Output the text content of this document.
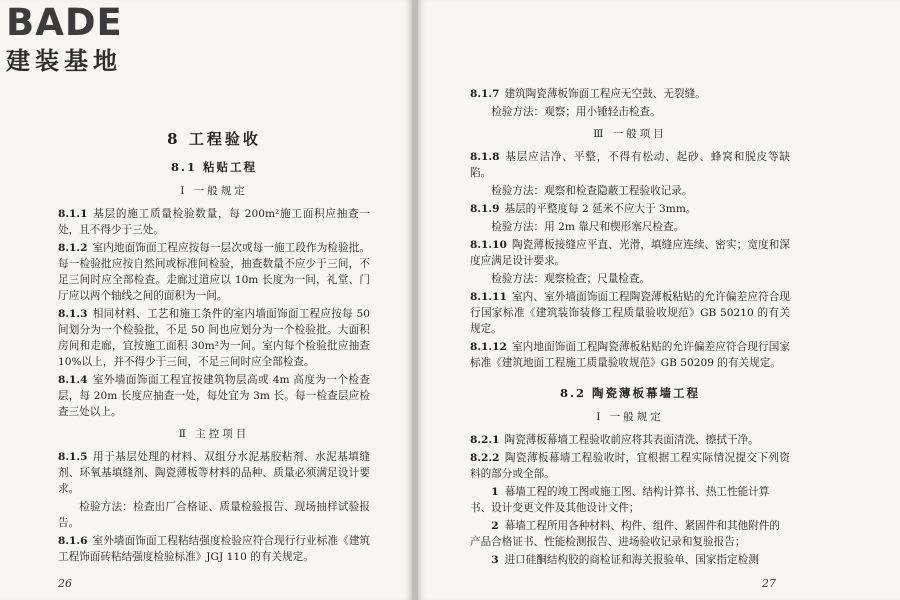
BADE

建装基地

8 工程验收
8.1 粘贴工程
Ⅰ 一般规定

8.1.1 基层的施工质量检验数量，每 200m²施工面积应抽查一处，且不得少于三处。

8.1.2 室内地面饰面工程应按每一层次或每一施工段作为检验批。每一检验批应按自然间或标准间检验，抽查数量不应少于三间，不足三间时应全部检查。走廊过道应以 10m 长度为一间，礼堂、门厅应以两个轴线之间的面积为一间。

8.1.3 相同材料、工艺和施工条件的室内墙面饰面工程应按每 50 间划分为一个检验批，不足 50 间也应划分为一个检验批。大面积房间和走廊，宜按施工面积 30m²为一间。室内每个检验批应抽查 10%以上，并不得少于三间，不足三间时应全部检查。

8.1.4 室外墙面饰面工程宜按建筑物层高或 4m 高度为一个检查层，每 20m 长度应抽查一处，每处宜为 3m 长。每一检查层应检查三处以上。

Ⅱ 主控项目

8.1.5 用于基层处理的材料、双组分水泥基胶粘剂、水泥基填缝剂、环氧基填缝剂、陶瓷薄板等材料的品种、质量必须满足设计要求。

检验方法：检查出厂合格证、质量检验报告、现场抽样试验报告。

8.1.6 室外墙面饰面工程粘结强度检验应符合现行行业标准《建筑工程饰面砖粘结强度检验标准》JGJ 110 的有关规定。

26

8.1.7 建筑陶瓷薄板饰面工程应无空鼓、无裂缝。

检验方法：观察；用小锤轻击检查。

Ⅲ 一般项目

8.1.8 基层应洁净、平整，不得有松动、起砂、蜂窝和脱皮等缺陷。

检验方法：观察和检查隐蔽工程验收记录。

8.1.9 基层的平整度每 2 延米不应大于 3mm。

检验方法：用 2m 靠尺和楔形塞尺检查。

8.1.10 陶瓷薄板接缝应平直、光滑，填缝应连续、密实；宽度和深度应满足设计要求。

检验方法：观察检查；尺量检查。

8.1.11 室内、室外墙面饰面工程陶瓷薄板粘贴的允许偏差应符合现行国家标准《建筑装饰装修工程质量验收规范》GB 50210 的有关规定。

8.1.12 室内地面饰面工程陶瓷薄板粘贴的允许偏差应符合现行国家标准《建筑地面工程施工质量验收规范》GB 50209 的有关规定。

8.2 陶瓷薄板幕墙工程
Ⅰ 一般规定

8.2.1 陶瓷薄板幕墙工程验收前应将其表面清洗、擦拭干净。

8.2.2 陶瓷薄板幕墙工程验收时，宜根据工程实际情况提交下列资料的部分或全部。

1 幕墙工程的竣工图或施工图、结构计算书、热工性能计算书、设计变更文件及其他设计文件；

2 幕墙工程所用各种材料、构件、组件、紧固件和其他附件的产品合格证书、性能检测报告、进场验收记录和复验报告；

3 进口硅酮结构胶的商检证和海关报验单、国家指定检测

27
